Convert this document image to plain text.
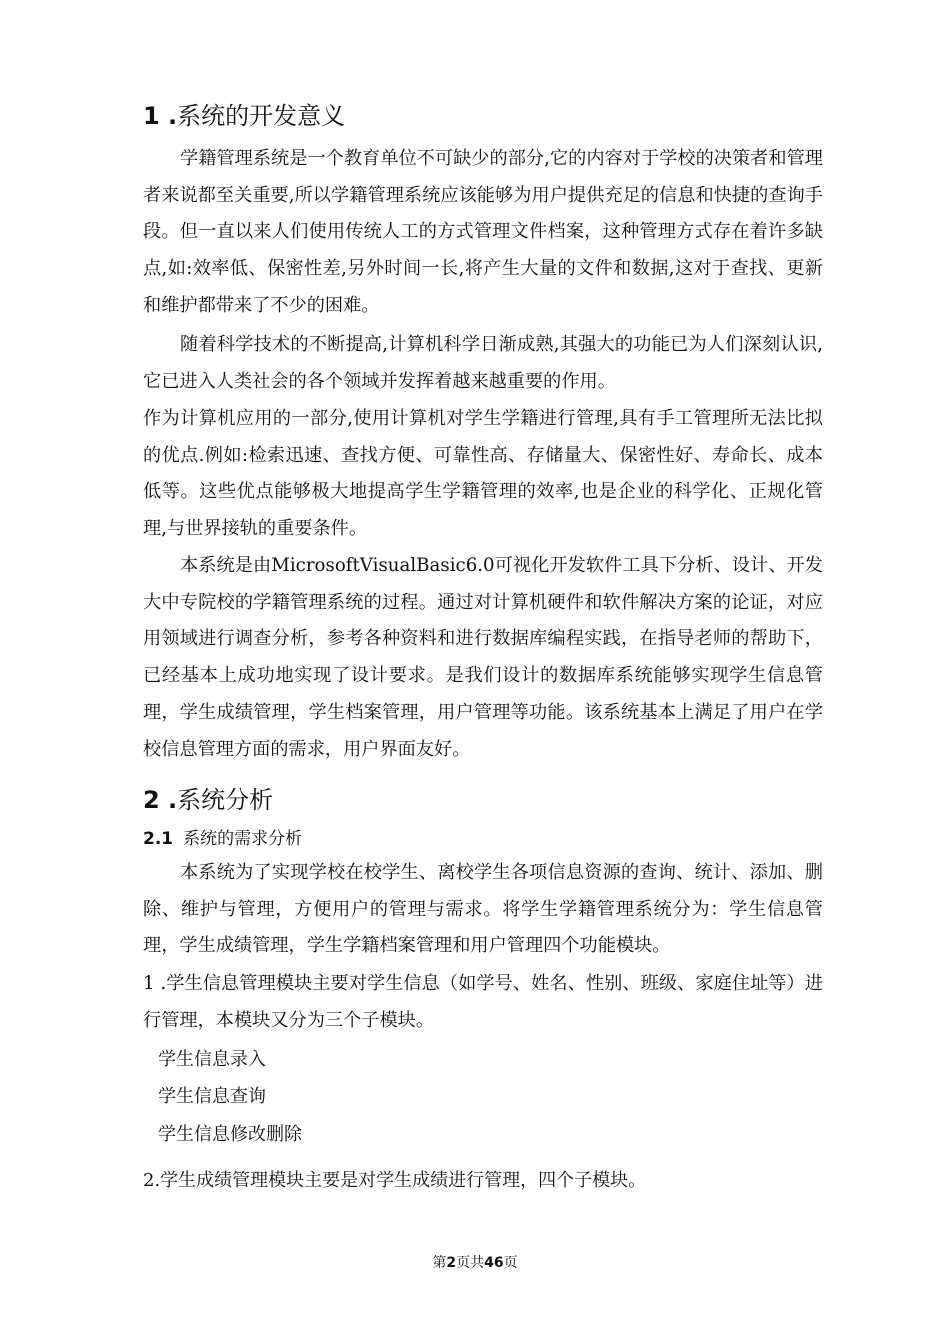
1 .系统的开发意义
学籍管理系统是一个教育单位不可缺少的部分,它的内容对于学校的决策者和管理者来说都至关重要,所以学籍管理系统应该能够为用户提供充足的信息和快捷的查询手段。但一直以来人们使用传统人工的方式管理文件档案，这种管理方式存在着许多缺点,如:效率低、保密性差,另外时间一长,将产生大量的文件和数据,这对于查找、更新和维护都带来了不少的困难。
随着科学技术的不断提高,计算机科学日渐成熟,其强大的功能已为人们深刻认识,它已进入人类社会的各个领域并发挥着越来越重要的作用。
作为计算机应用的一部分,使用计算机对学生学籍进行管理,具有手工管理所无法比拟的优点.例如:检索迅速、查找方便、可靠性高、存储量大、保密性好、寿命长、成本低等。这些优点能够极大地提高学生学籍管理的效率,也是企业的科学化、正规化管理,与世界接轨的重要条件。
本系统是由MicrosoftVisualBasic6.0可视化开发软件工具下分析、设计、开发大中专院校的学籍管理系统的过程。通过对计算机硬件和软件解决方案的论证，对应用领域进行调查分析，参考各种资料和进行数据库编程实践，在指导老师的帮助下，已经基本上成功地实现了设计要求。是我们设计的数据库系统能够实现学生信息管理，学生成绩管理，学生档案管理，用户管理等功能。该系统基本上满足了用户在学校信息管理方面的需求，用户界面友好。
2 .系统分析
2.1 系统的需求分析
本系统为了实现学校在校学生、离校学生各项信息资源的查询、统计、添加、删除、维护与管理，方便用户的管理与需求。将学生学籍管理系统分为：学生信息管理，学生成绩管理，学生学籍档案管理和用户管理四个功能模块。
1 .学生信息管理模块主要对学生信息（如学号、姓名、性别、班级、家庭住址等）进行管理，本模块又分为三个子模块。
学生信息录入
学生信息查询
学生信息修改删除
2.学生成绩管理模块主要是对学生成绩进行管理，四个子模块。
第2页共46页
